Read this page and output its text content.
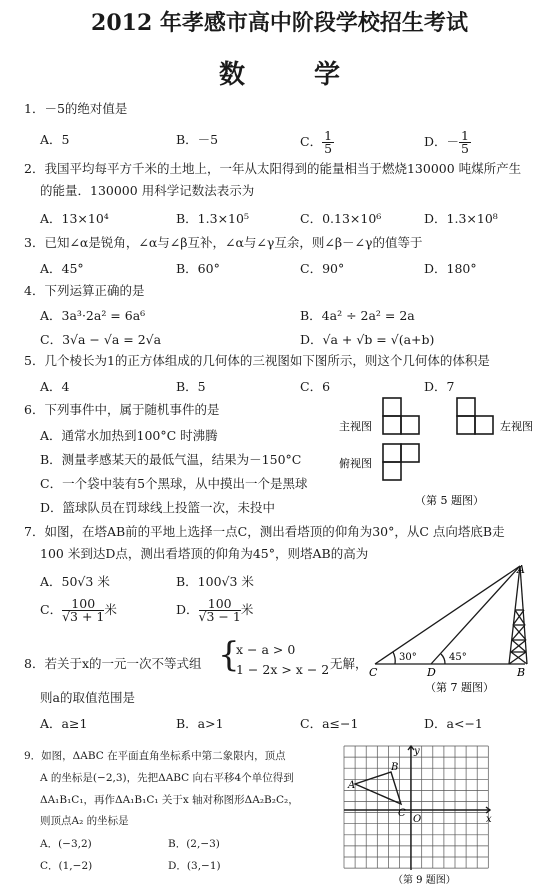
2012 年孝感市高中阶段学校招生考试
数 学
1．－5的绝对值是
A．5	B．－5	C． $\frac{1}{5}$	D．－ $\frac{1}{5}$
2．我国平均每平方千米的土地上，一年从太阳得到的能量相当于燃烧130000 吨煤所产生
的能量．130000 用科学记数法表示为
A．13×10⁴	B．1.3×10⁵	C．0.13×10⁶	D．1.3×10⁸
3．已知∠α是锐角，∠α与∠β互补，∠α与∠γ互余，则∠β－∠γ的值等于
A．45°	B．60°	C．90°	D．180°
4．下列运算正确的是
A．3a³·2a² = 6a⁶	B．4a² ÷ 2a² = 2a
C．3√a − √a = 2√a	D．√a + √b = √(a+b)
5．几个棱长为1的正方体组成的几何体的三视图如下图所示，则这个几何体的体积是
A．4	B．5	C．6	D．7
6．下列事件中，属于随机事件的是
A．通常水加热到100°C 时沸腾
B．测量孝感某天的最低气温，结果为－150°C
C．一个袋中装有5个黑球，从中摸出一个是黑球
D．篮球队员在罚球线上投篮一次，未投中
主视图	左视图
俯视图
（第 5 题图）
7．如图，在塔AB前的平地上选择一点C，测出看塔顶的仰角为30°，从C 点向塔底B走
100 米到达D点，测出看塔顶的仰角为45°，则塔AB的高为
A．50√3 米	B．100√3 米
C． $\frac{100}{√3 + 1}$ 米	D． $\frac{100}{√3 - 1}$ 米
A
C	D	B
30°	45°
（第 7 题图）
8．若关于x的一元一次不等式组 {
x − a > 0
1 − 2x > x − 2 无解，
则a的取值范围是
A．a≥1	B．a>1	C．a≤−1	D．a<−1
9．如图，ΔABC 在平面直角坐标系中第二象限内，顶点
A 的坐标是(−2,3)，先把ΔABC 向右平移4个单位得到
ΔA₁B₁C₁，再作ΔA₁B₁C₁ 关于x 轴对称图形ΔA₂B₂C₂，
则顶点A₂ 的坐标是
A．(−3,2)	B．(2,−3)
C．(1,−2)	D．(3,−1)
A
B
C
y
x
O
（第 9 题图）
